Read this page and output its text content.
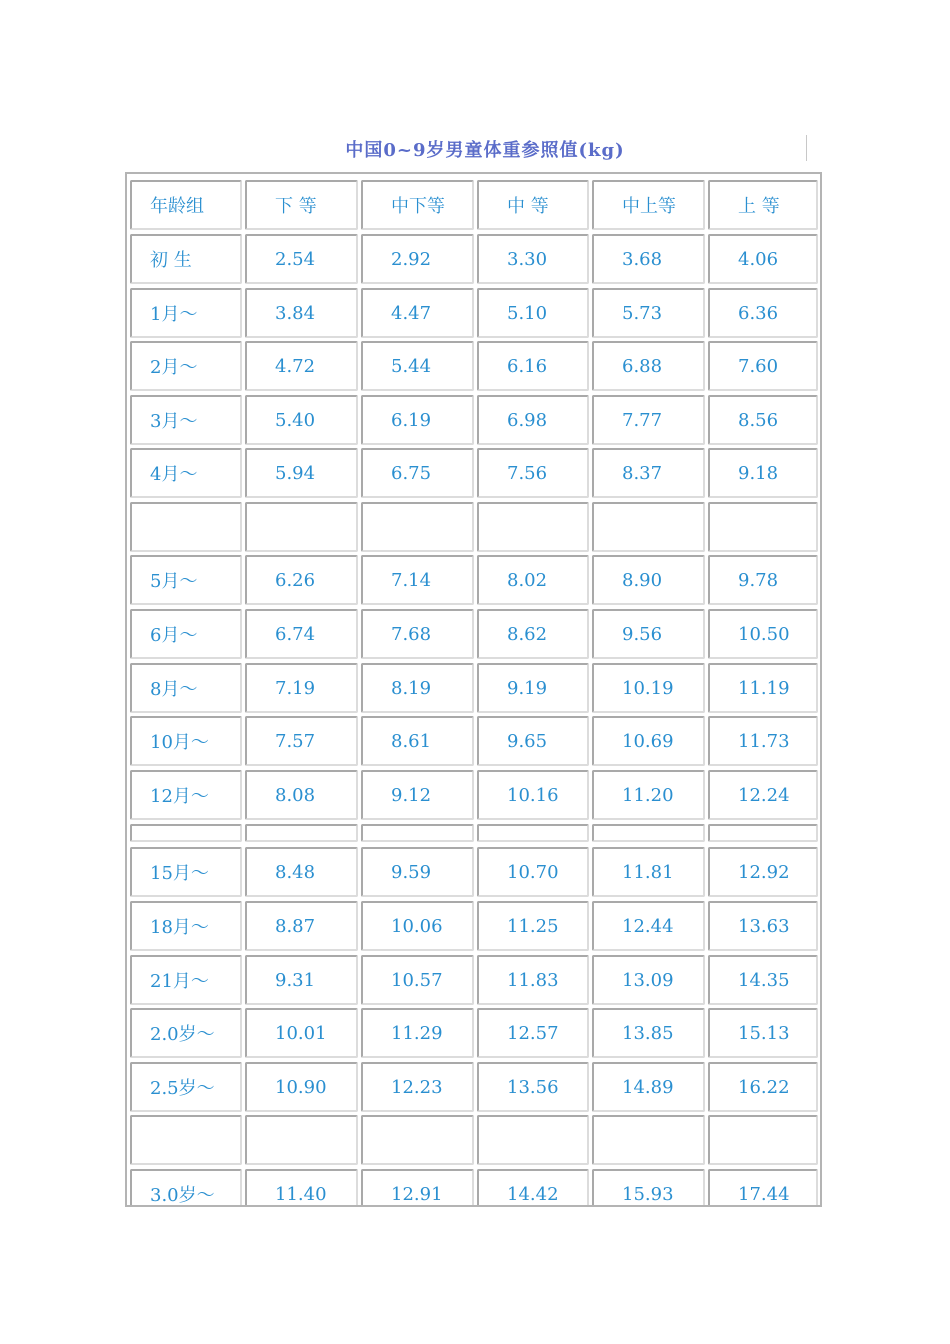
中国0~9岁男童体重参照值(kg)
年龄组	下 等	中下等	中 等	中上等	上 等
初 生	2.54	2.92	3.30	3.68	4.06
1月～	3.84	4.47	5.10	5.73	6.36
2月～	4.72	5.44	6.16	6.88	7.60
3月～	5.40	6.19	6.98	7.77	8.56
4月～	5.94	6.75	7.56	8.37	9.18
5月～	6.26	7.14	8.02	8.90	9.78
6月～	6.74	7.68	8.62	9.56	10.50
8月～	7.19	8.19	9.19	10.19	11.19
10月～	7.57	8.61	9.65	10.69	11.73
12月～	8.08	9.12	10.16	11.20	12.24
15月～	8.48	9.59	10.70	11.81	12.92
18月～	8.87	10.06	11.25	12.44	13.63
21月～	9.31	10.57	11.83	13.09	14.35
2.0岁～	10.01	11.29	12.57	13.85	15.13
2.5岁～	10.90	12.23	13.56	14.89	16.22
3.0岁～	11.40	12.91	14.42	15.93	17.44
